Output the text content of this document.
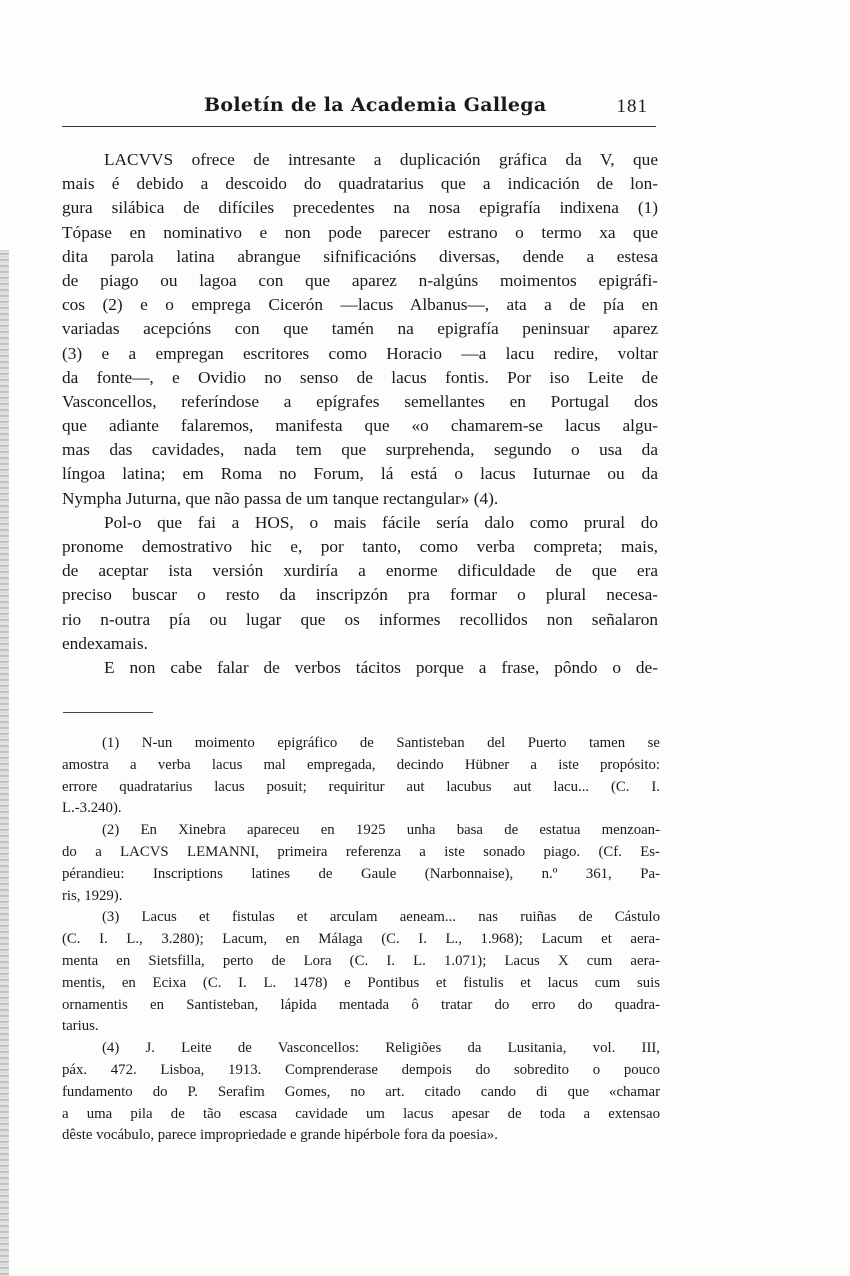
Boletín de la Academia Gallega	181
LACVVS ofrece de intresante a duplicación gráfica da V, que
mais é debido a descoido do quadratarius que a indicación de lon-
gura silábica de difíciles precedentes na nosa epigrafía indixena (1)
Tópase en nominativo e non pode parecer estrano o termo xa que
dita parola latina abrangue sifnificacións diversas, dende a estesa
de piago ou lagoa con que aparez n-algúns moimentos epigráfi-
cos (2) e o emprega Cicerón —lacus Albanus—, ata a de pía en
variadas acepcións con que tamén na epigrafía peninsuar aparez
(3) e a empregan escritores como Horacio —a lacu redire, voltar
da fonte—, e Ovidio no senso de lacus fontis. Por iso Leite de
Vasconcellos, referíndose a epígrafes semellantes en Portugal dos
que adiante falaremos, manifesta que «o chamarem-se lacus algu-
mas das cavidades, nada tem que surprehenda, segundo o usa da
língoa latina; em Roma no Forum, lá está o lacus Iuturnae ou da
Nympha Juturna, que não passa de um tanque rectangular» (4).
Pol-o que fai a HOS, o mais fácile sería dalo como prural do
pronome demostrativo hic e, por tanto, como verba compreta; mais,
de aceptar ista versión xurdiría a enorme dificuldade de que era
preciso buscar o resto da inscripzón pra formar o plural necesa-
rio n-outra pía ou lugar que os informes recollidos non señalaron
endexamais.
E non cabe falar de verbos tácitos porque a frase, pôndo o de-
(1) N-un moimento epigráfico de Santisteban del Puerto tamen se
amostra a verba lacus mal empregada, decindo Hübner a iste propósito:
errore quadratarius lacus posuit; requiritur aut lacubus aut lacu... (C. I.
L.-3.240).
(2) En Xinebra apareceu en 1925 unha basa de estatua menzoan-
do a LACVS LEMANNI, primeira referenza a iste sonado piago. (Cf. Es-
pérandieu: Inscriptions latines de Gaule (Narbonnaise), n.º 361, Pa-
ris, 1929).
(3) Lacus et fistulas et arculam aeneam... nas ruiñas de Cástulo
(C. I. L., 3.280); Lacum, en Málaga (C. I. L., 1.968); Lacum et aera-
menta en Sietsfilla, perto de Lora (C. I. L. 1.071); Lacus X cum aera-
mentis, en Ecixa (C. I. L. 1478) e Pontibus et fistulis et lacus cum suis
ornamentis en Santisteban, lápida mentada ô tratar do erro do quadra-
tarius.
(4) J. Leite de Vasconcellos: Religiões da Lusitania, vol. III,
páx. 472. Lisboa, 1913. Comprenderase dempois do sobredito o pouco
fundamento do P. Serafim Gomes, no art. citado cando di que «chamar
a uma pila de tão escasa cavidade um lacus apesar de toda a extensao
dêste vocábulo, parece impropriedade e grande hipérbole fora da poesia».
